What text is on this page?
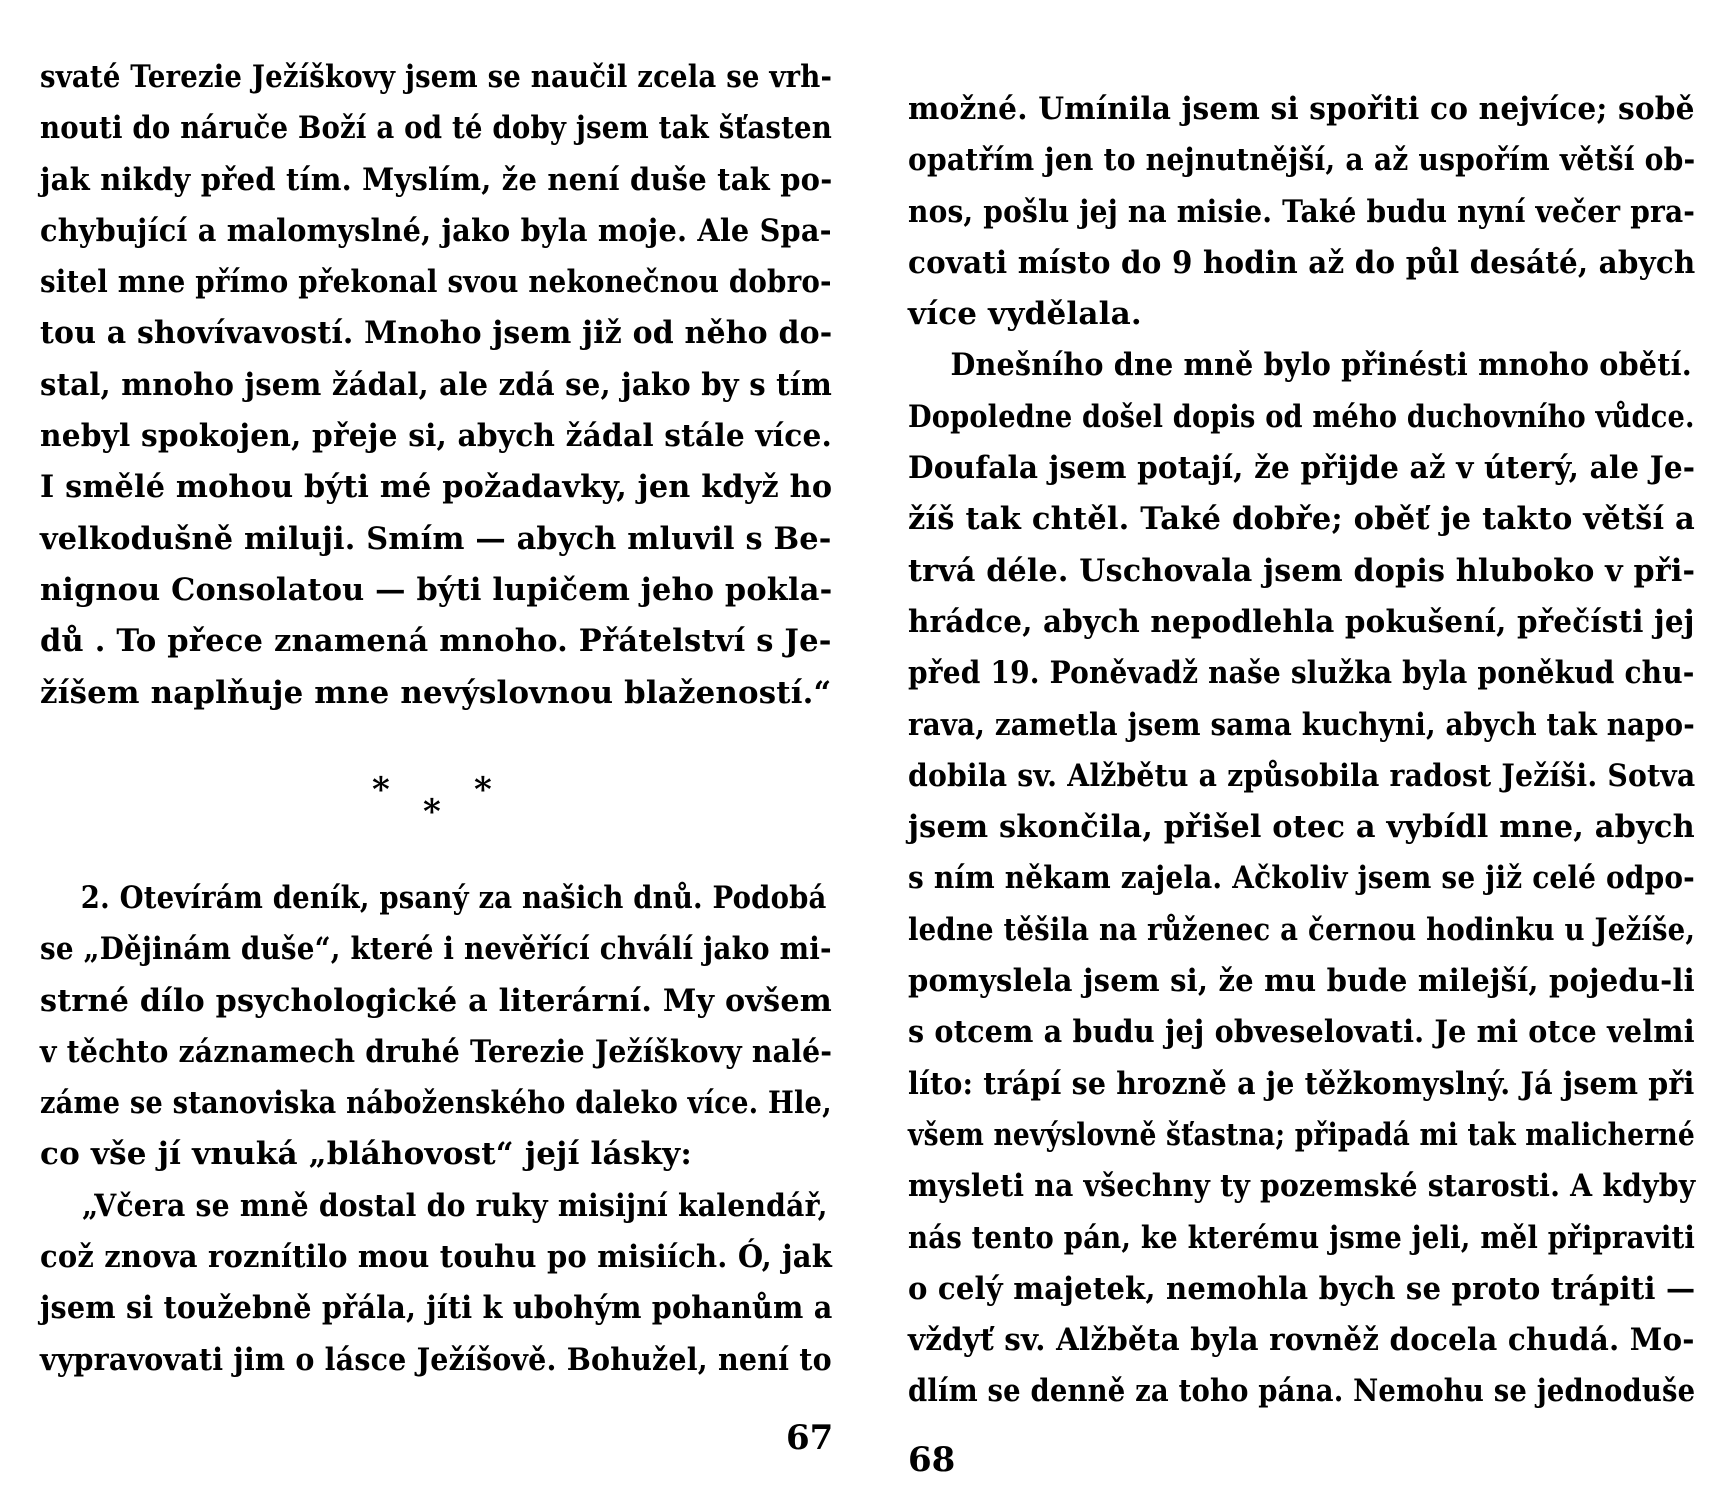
svaté Terezie Ježíškovy jsem se naučil zcela se vrh-
nouti do náruče Boží a od té doby jsem tak šťasten
jak nikdy před tím. Myslím, že není duše tak po-
chybující a malomyslné, jako byla moje. Ale Spa-
sitel mne přímo překonal svou nekonečnou dobro-
tou a shovívavostí. Mnoho jsem již od něho do-
stal, mnoho jsem žádal, ale zdá se, jako by s tím
nebyl spokojen, přeje si, abych žádal stále více.
I smělé mohou býti mé požadavky, jen když ho
velkodušně miluji. Smím — abych mluvil s Be-
nignou Consolatou — býti lupičem jeho pokla-
dů . To přece znamená mnoho. Přátelství s Je-
žíšem naplňuje mne nevýslovnou blažeností.“
*
*
*
2. Otevírám deník, psaný za našich dnů. Podobá
se „Dějinám duše“, které i nevěřící chválí jako mi-
strné dílo psychologické a literární. My ovšem
v těchto záznamech druhé Terezie Ježíškovy nalé-
záme se stanoviska náboženského daleko více. Hle,
co vše jí vnuká „bláhovost“ její lásky:
„Včera se mně dostal do ruky misijní kalendář,
což znova roznítilo mou touhu po misiích. Ó, jak
jsem si toužebně přála, jíti k ubohým pohanům a
vypravovati jim o lásce Ježíšově. Bohužel, není to
67
možné. Umínila jsem si spořiti co nejvíce; sobě
opatřím jen to nejnutnější, a až uspořím větší ob-
nos, pošlu jej na misie. Také budu nyní večer pra-
covati místo do 9 hodin až do půl desáté, abych
více vydělala.
Dnešního dne mně bylo přinésti mnoho obětí.
Dopoledne došel dopis od mého duchovního vůdce.
Doufala jsem potají, že přijde až v úterý, ale Je-
žíš tak chtěl. Také dobře; oběť je takto větší a
trvá déle. Uschovala jsem dopis hluboko v při-
hrádce, abych nepodlehla pokušení, přečísti jej
před 19. Poněvadž naše služka byla poněkud chu-
rava, zametla jsem sama kuchyni, abych tak napo-
dobila sv. Alžbětu a způsobila radost Ježíši. Sotva
jsem skončila, přišel otec a vybídl mne, abych
s ním někam zajela. Ačkoliv jsem se již celé odpo-
ledne těšila na růženec a černou hodinku u Ježíše,
pomyslela jsem si, že mu bude milejší, pojedu-li
s otcem a budu jej obveselovati. Je mi otce velmi
líto: trápí se hrozně a je těžkomyslný. Já jsem při
všem nevýslovně šťastna; připadá mi tak malicherné
mysleti na všechny ty pozemské starosti. A kdyby
nás tento pán, ke kterému jsme jeli, měl připraviti
o celý majetek, nemohla bych se proto trápiti —
vždyť sv. Alžběta byla rovněž docela chudá. Mo-
dlím se denně za toho pána. Nemohu se jednoduše
68
